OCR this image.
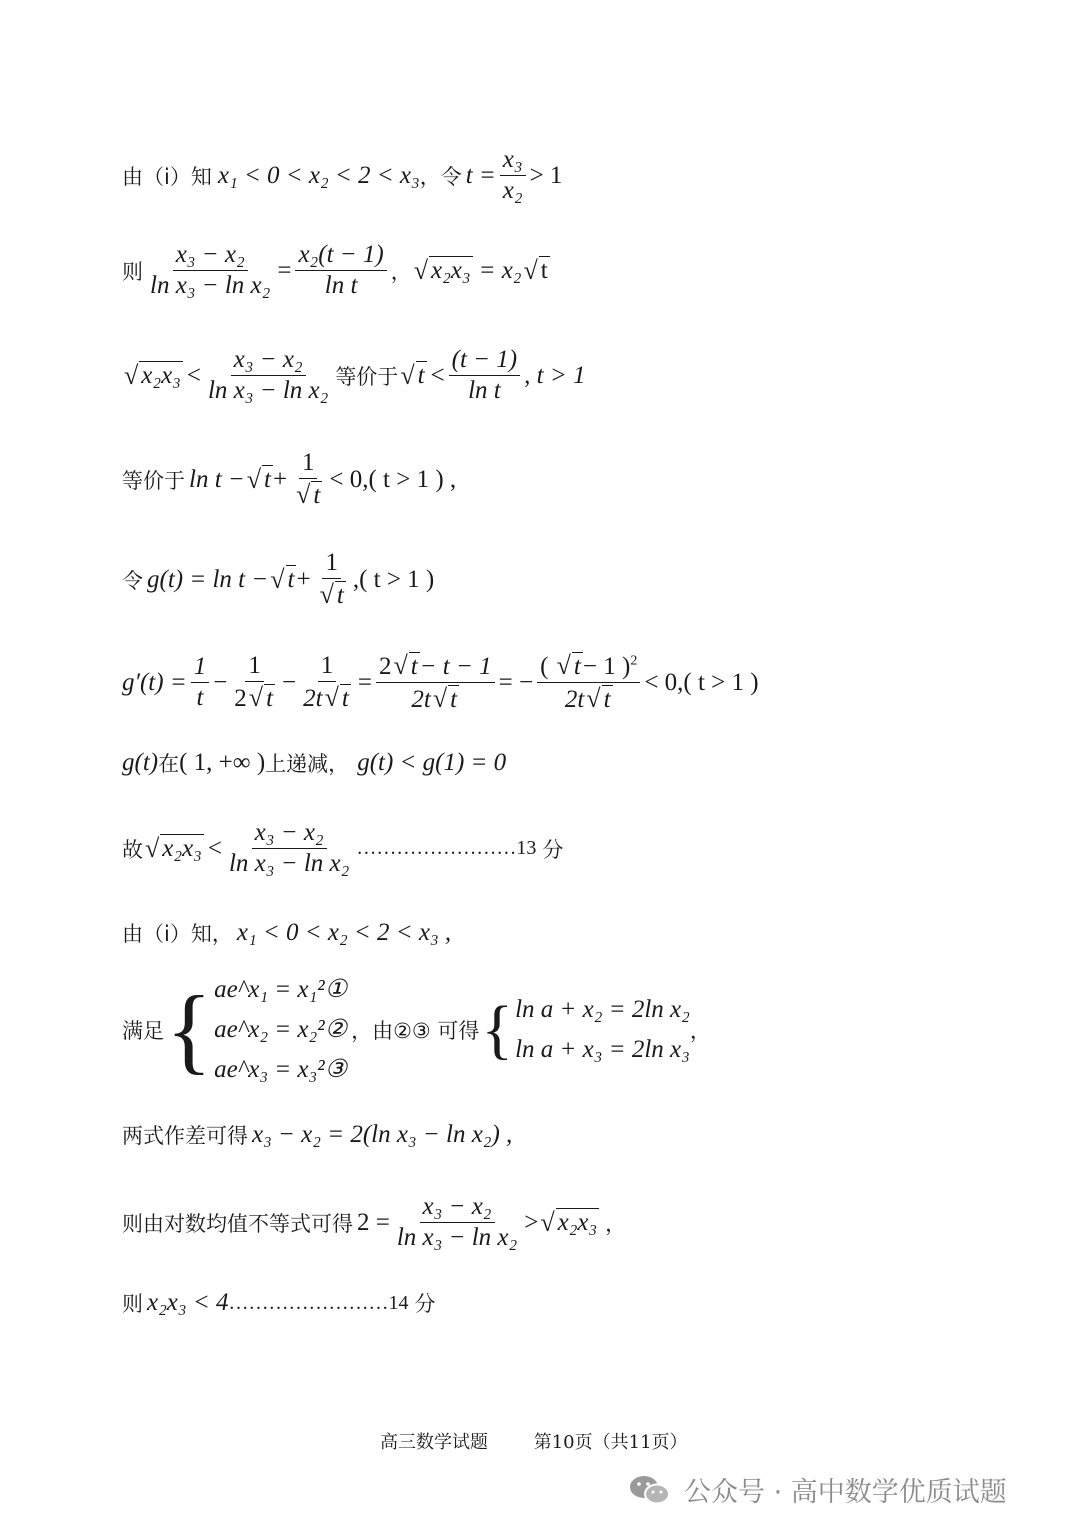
由（i）知 x₁ < 0 < x₂ < 2 < x₃ ，令 $t = \frac{\text{x₃}}{\text{x₂}} > 1$
则 $\frac{\text{x₃ − x₂}}{\text{ln x₃ − ln x₂}} = \frac{\text{x₂(t − 1)}}{\text{ln t}}$ ， √ x₂x₃ = x₂ √ t
√ $x_2x_3 < \frac{\text{x₃ − x₂}}{\text{ln x₃ − ln x₂}}$ 等价于 √ $t < \frac{(t - 1)}{\text{ln t}}$ , t > 1
等价于 ln t − √ $t + \frac{1}{√ t} < 0$,( t > 1 ) ,
令 g(t) = ln t − √ $t + \frac{1}{√ t}$ ,( t > 1 )
$g'(t) = \frac{1}{t} - \frac{1}{2√ t} - \frac{1}{2t√ t} = \frac{2√ t- t - 1}{2t√ t}$ = − $\frac{( √ t- 1 )^2}{2t√ t} < 0$,( t > 1 )
g(t) 在 ( 1, +∞ ) 上递减， g(t) < g(1) = 0
故 √ $x_2x_3 < \frac{\text{x₃ − x₂}}{\text{ln x₃ − ln x₂}}$ ……………………13 分
由（i）知， x₁ < 0 < x₂ < 2 < x₃ ,
满足 { ae^x₁ = x₁²①
ae^x₂ = x₂²②
ae^x₃ = x₃²③
，由②③ 可得 { ln a + x₂ = 2ln x₂
ln a + x₃ = 2ln x₃
，
两式作差可得 x₃ − x₂ = 2(ln x₃ − ln x₂) ,
则由对数均值不等式可得 $2 = \frac{\text{x₃ − x₂}}{\text{ln x₃ − ln x₂}}$ > √ x₂x₃ ，
则 x₂x₃ < 4 ……………………14 分
高三数学试题	第10页（共11页）
公众号 · 高中数学优质试题
